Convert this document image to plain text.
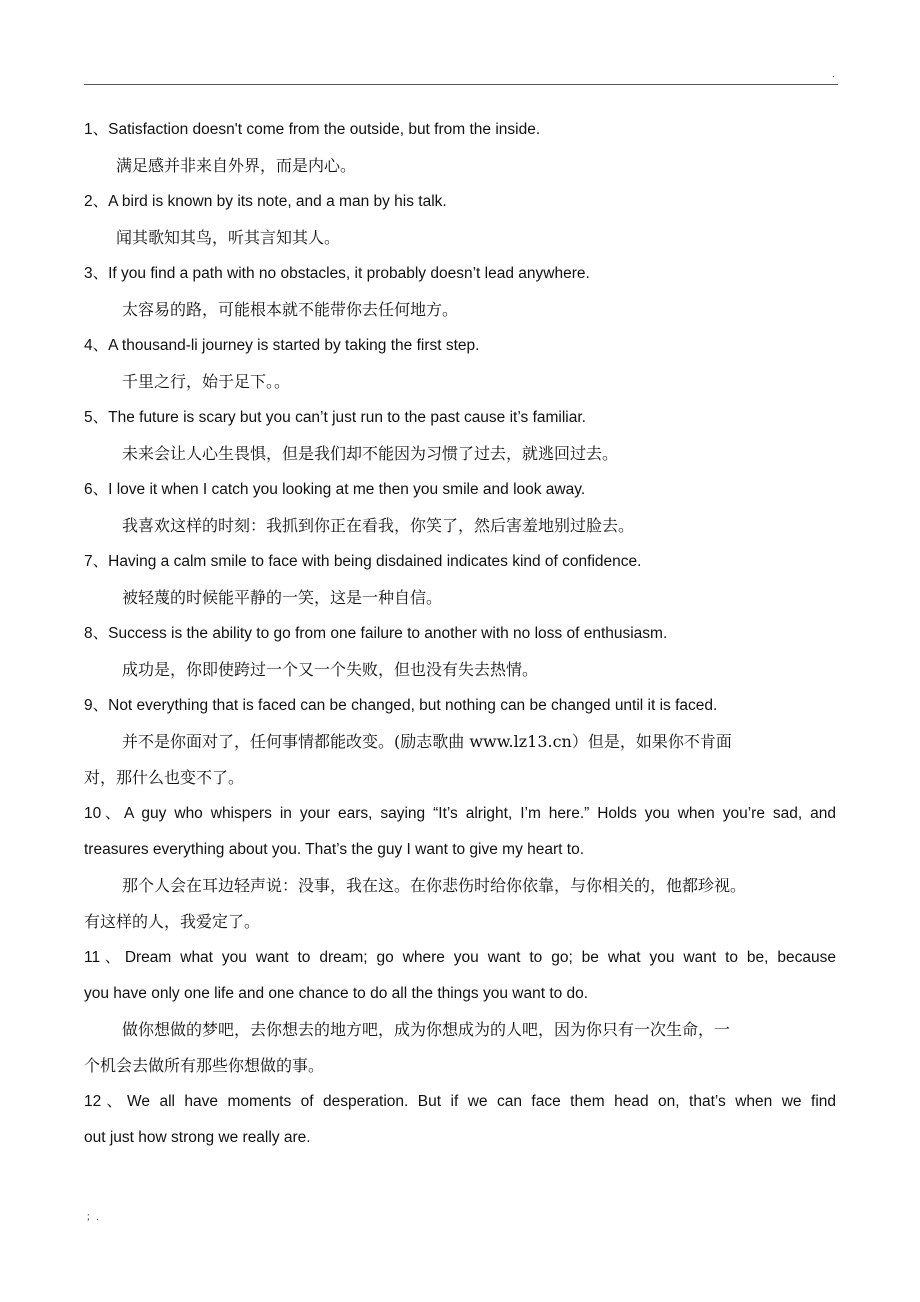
.
1、Satisfaction doesn't come from the outside, but from the inside.
满足感并非来自外界，而是内心。
2、A bird is known by its note, and a man by his talk.
闻其歌知其鸟，听其言知其人。
3、If you find a path with no obstacles, it probably doesn’t lead anywhere.
太容易的路，可能根本就不能带你去任何地方。
4、A thousand-li journey is started by taking the first step.
千里之行，始于足下。。
5、The future is scary but you can’t just run to the past cause it’s familiar.
未来会让人心生畏惧，但是我们却不能因为习惯了过去，就逃回过去。
6、I love it when I catch you looking at me then you smile and look away.
我喜欢这样的时刻：我抓到你正在看我，你笑了，然后害羞地别过脸去。
7、Having a calm smile to face with being disdained indicates kind of confidence.
被轻蔑的时候能平静的一笑，这是一种自信。
8、Success is the ability to go from one failure to another with no loss of enthusiasm.
成功是，你即使跨过一个又一个失败，但也没有失去热情。
9、Not everything that is faced can be changed, but nothing can be changed until it is faced.
并不是你面对了，任何事情都能改变。(励志歌曲 www.lz13.cn）但是，如果你不肯面
对，那什么也变不了。
10、A guy who whispers in your ears, saying “It’s alright, I’m here.” Holds you when you’re sad, and
treasures everything about you. That’s the guy I want to give my heart to.
那个人会在耳边轻声说：没事，我在这。在你悲伤时给你依靠，与你相关的，他都珍视。
有这样的人，我爱定了。
11、Dream what you want to dream; go where you want to go; be what you want to be, because
you have only one life and one chance to do all the things you want to do.
做你想做的梦吧，去你想去的地方吧，成为你想成为的人吧，因为你只有一次生命，一
个机会去做所有那些你想做的事。
12、We all have moments of desperation. But if we can face them head on, that’s when we find
out just how strong we really are.
；.
